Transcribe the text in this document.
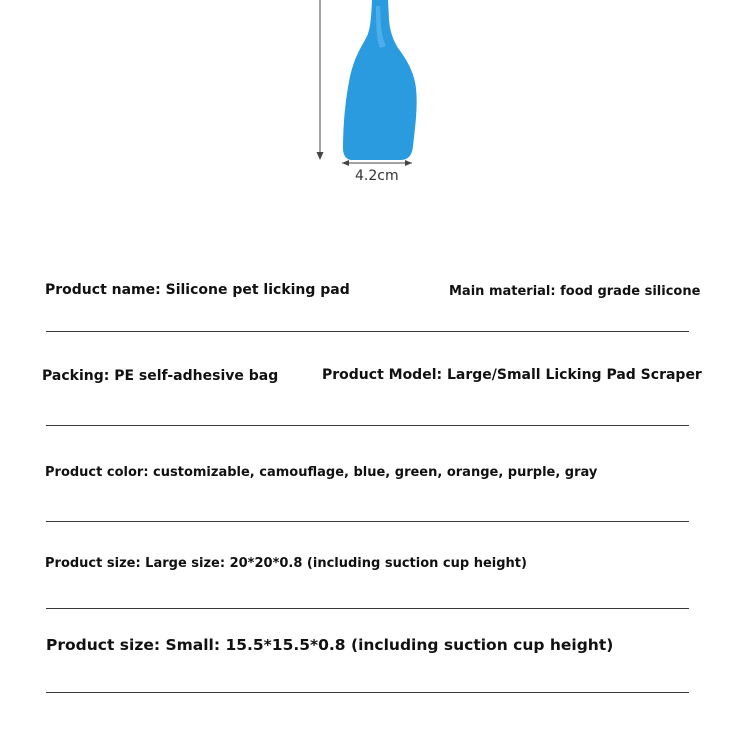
4.2cm
Product name: Silicone pet licking pad	Main material: food grade silicone
Packing: PE self-adhesive bag	Product Model: Large/Small Licking Pad Scraper
Product color: customizable, camouflage, blue, green, orange, purple, gray
Product size: Large size: 20*20*0.8 (including suction cup height)
Product size: Small: 15.5*15.5*0.8 (including suction cup height)
